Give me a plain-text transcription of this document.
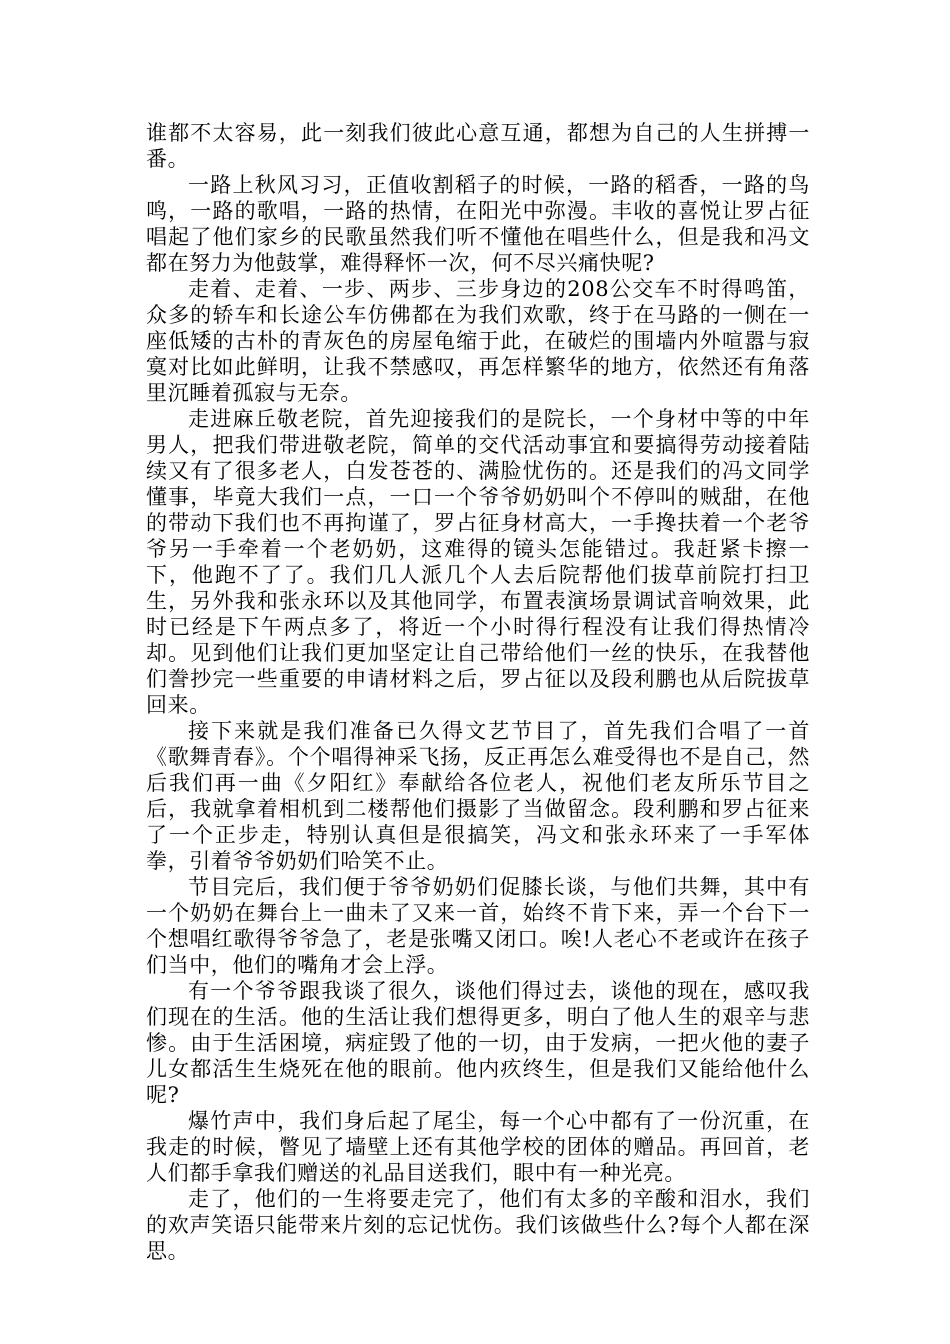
谁都不太容易，此一刻我们彼此心意互通，都想为自己的人生拼搏一番。

一路上秋风习习，正值收割稻子的时候，一路的稻香，一路的鸟鸣，一路的歌唱，一路的热情，在阳光中弥漫。丰收的喜悦让罗占征唱起了他们家乡的民歌虽然我们听不懂他在唱些什么，但是我和冯文都在努力为他鼓掌，难得释怀一次，何不尽兴痛快呢?

走着、走着、一步、两步、三步身边的208公交车不时得鸣笛，众多的轿车和长途公车仿佛都在为我们欢歌，终于在马路的一侧在一座低矮的古朴的青灰色的房屋龟缩于此，在破烂的围墙内外喧嚣与寂寞对比如此鲜明，让我不禁感叹，再怎样繁华的地方，依然还有角落里沉睡着孤寂与无奈。

走进麻丘敬老院，首先迎接我们的是院长，一个身材中等的中年男人，把我们带进敬老院，简单的交代活动事宜和要搞得劳动接着陆续又有了很多老人，白发苍苍的、满脸忧伤的。还是我们的冯文同学懂事，毕竟大我们一点，一口一个爷爷奶奶叫个不停叫的贼甜，在他的带动下我们也不再拘谨了，罗占征身材高大，一手搀扶着一个老爷爷另一手牵着一个老奶奶，这难得的镜头怎能错过。我赶紧卡擦一下，他跑不了了。我们几人派几个人去后院帮他们拔草前院打扫卫生，另外我和张永环以及其他同学，布置表演场景调试音响效果，此时已经是下午两点多了，将近一个小时得行程没有让我们得热情冷却。见到他们让我们更加坚定让自己带给他们一丝的快乐，在我替他们誊抄完一些重要的申请材料之后，罗占征以及段利鹏也从后院拔草回来。

接下来就是我们准备已久得文艺节目了，首先我们合唱了一首《歌舞青春》。个个唱得神采飞扬，反正再怎么难受得也不是自己，然后我们再一曲《夕阳红》奉献给各位老人，祝他们老友所乐节目之后，我就拿着相机到二楼帮他们摄影了当做留念。段利鹏和罗占征来了一个正步走，特别认真但是很搞笑，冯文和张永环来了一手军体拳，引着爷爷奶奶们哈笑不止。

节目完后，我们便于爷爷奶奶们促膝长谈，与他们共舞，其中有一个奶奶在舞台上一曲未了又来一首，始终不肯下来，弄一个台下一个想唱红歌得爷爷急了，老是张嘴又闭口。唉!人老心不老或许在孩子们当中，他们的嘴角才会上浮。

有一个爷爷跟我谈了很久，谈他们得过去，谈他的现在，感叹我们现在的生活。他的生活让我们想得更多，明白了他人生的艰辛与悲惨。由于生活困境，病症毁了他的一切，由于发病，一把火他的妻子儿女都活生生烧死在他的眼前。他内疚终生，但是我们又能给他什么呢?

爆竹声中，我们身后起了尾尘，每一个心中都有了一份沉重，在我走的时候，瞥见了墙壁上还有其他学校的团体的赠品。再回首，老人们都手拿我们赠送的礼品目送我们，眼中有一种光亮。

走了，他们的一生将要走完了，他们有太多的辛酸和泪水，我们的欢声笑语只能带来片刻的忘记忧伤。我们该做些什么?每个人都在深思。
